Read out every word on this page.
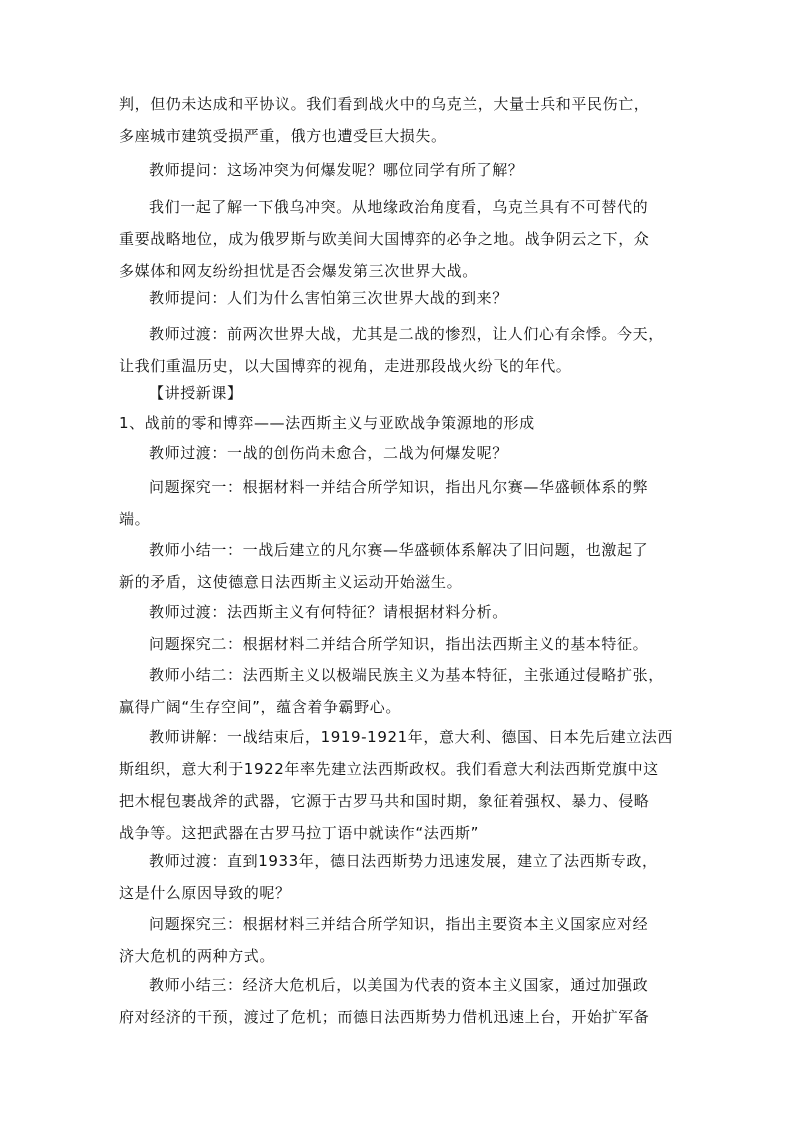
判，但仍未达成和平协议。我们看到战火中的乌克兰，大量士兵和平民伤亡，
多座城市建筑受损严重，俄方也遭受巨大损失。

教师提问：这场冲突为何爆发呢？哪位同学有所了解？

我们一起了解一下俄乌冲突。从地缘政治角度看，乌克兰具有不可替代的
重要战略地位，成为俄罗斯与欧美间大国博弈的必争之地。战争阴云之下，众
多媒体和网友纷纷担忧是否会爆发第三次世界大战。

教师提问：人们为什么害怕第三次世界大战的到来？

教师过渡：前两次世界大战，尤其是二战的惨烈，让人们心有余悸。今天，
让我们重温历史，以大国博弈的视角，走进那段战火纷飞的年代。

【讲授新课】

1、战前的零和博弈——法西斯主义与亚欧战争策源地的形成

教师过渡：一战的创伤尚未愈合，二战为何爆发呢？

问题探究一：根据材料一并结合所学知识，指出凡尔赛—华盛顿体系的弊
端。

教师小结一：一战后建立的凡尔赛—华盛顿体系解决了旧问题，也激起了
新的矛盾，这使德意日法西斯主义运动开始滋生。

教师过渡：法西斯主义有何特征？请根据材料分析。

问题探究二：根据材料二并结合所学知识，指出法西斯主义的基本特征。

教师小结二：法西斯主义以极端民族主义为基本特征，主张通过侵略扩张，
赢得广阔“生存空间”，蕴含着争霸野心。

教师讲解：一战结束后，1919-1921年，意大利、德国、日本先后建立法西
斯组织，意大利于1922年率先建立法西斯政权。我们看意大利法西斯党旗中这
把木棍包裹战斧的武器，它源于古罗马共和国时期，象征着强权、暴力、侵略
战争等。这把武器在古罗马拉丁语中就读作“法西斯”

教师过渡：直到1933年，德日法西斯势力迅速发展，建立了法西斯专政，
这是什么原因导致的呢？

问题探究三：根据材料三并结合所学知识，指出主要资本主义国家应对经
济大危机的两种方式。

教师小结三：经济大危机后，以美国为代表的资本主义国家，通过加强政
府对经济的干预，渡过了危机；而德日法西斯势力借机迅速上台，开始扩军备
